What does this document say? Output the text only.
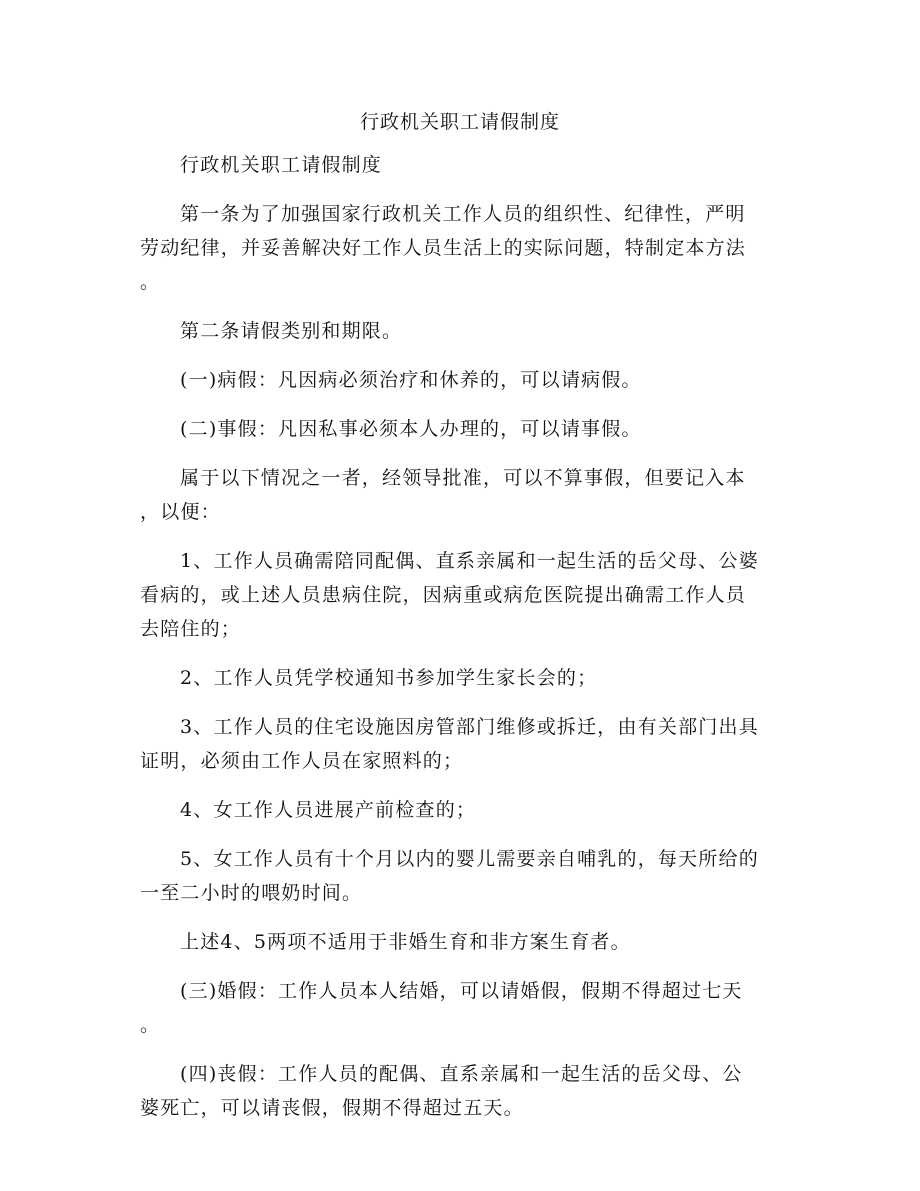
行政机关职工请假制度

行政机关职工请假制度

第一条为了加强国家行政机关工作人员的组织性、纪律性，严明
劳动纪律，并妥善解决好工作人员生活上的实际问题，特制定本方法
。

第二条请假类别和期限。

(一)病假：凡因病必须治疗和休养的，可以请病假。

(二)事假：凡因私事必须本人办理的，可以请事假。

属于以下情况之一者，经领导批准，可以不算事假，但要记入本
，以便：

1、工作人员确需陪同配偶、直系亲属和一起生活的岳父母、公婆
看病的，或上述人员患病住院，因病重或病危医院提出确需工作人员
去陪住的；

2、工作人员凭学校通知书参加学生家长会的；

3、工作人员的住宅设施因房管部门维修或拆迁，由有关部门出具
证明，必须由工作人员在家照料的；

4、女工作人员进展产前检查的；

5、女工作人员有十个月以内的婴儿需要亲自哺乳的，每天所给的
一至二小时的喂奶时间。

上述4、5两项不适用于非婚生育和非方案生育者。

(三)婚假：工作人员本人结婚，可以请婚假，假期不得超过七天
。

(四)丧假：工作人员的配偶、直系亲属和一起生活的岳父母、公
婆死亡，可以请丧假，假期不得超过五天。
